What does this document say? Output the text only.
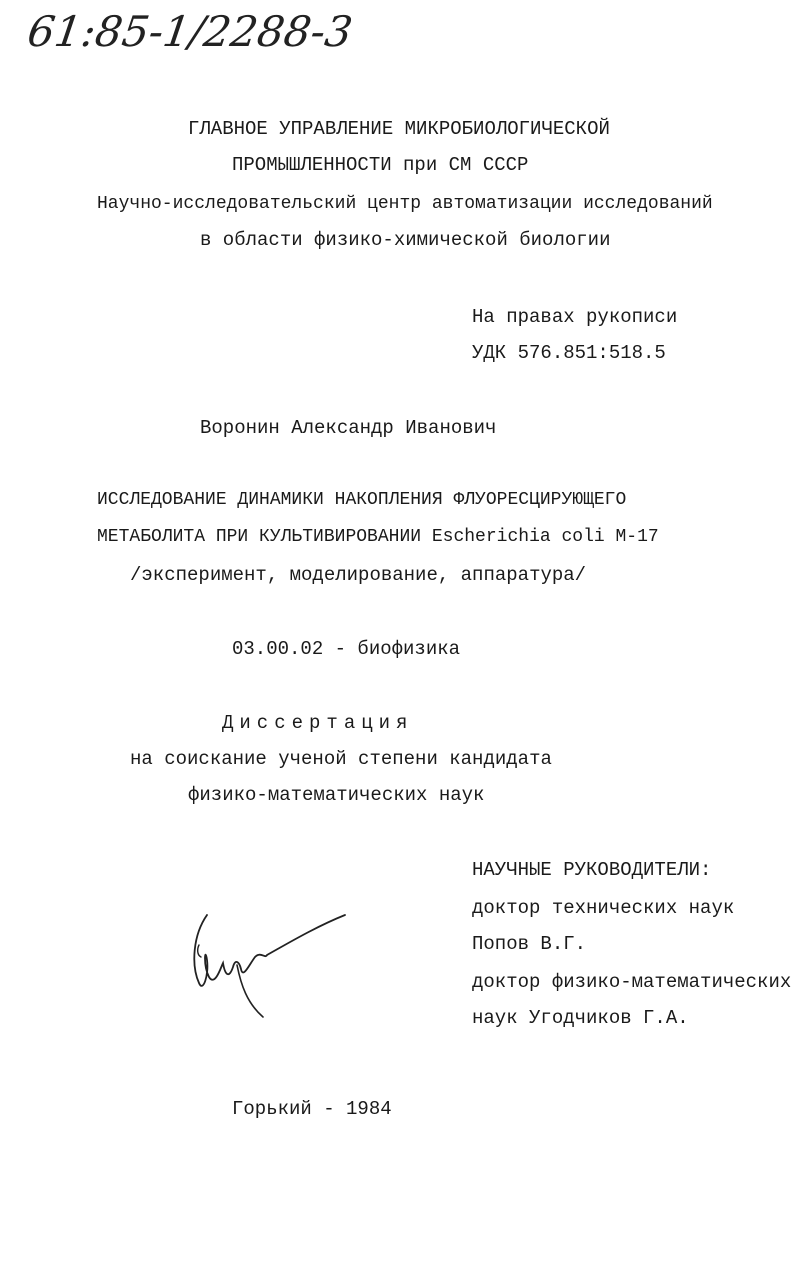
61:85-1/2288-3
ГЛАВНОЕ УПРАВЛЕНИЕ МИКРОБИОЛОГИЧЕСКОЙ
ПРОМЫШЛЕННОСТИ при СМ СССР
Научно-исследовательский центр автоматизации исследований
в области физико-химической биологии
На правах рукописи
УДК 576.851:518.5
Воронин Александр Иванович
ИССЛЕДОВАНИЕ ДИНАМИКИ НАКОПЛЕНИЯ ФЛУОРЕСЦИРУЮЩЕГО
МЕТАБОЛИТА ПРИ КУЛЬТИВИРОВАНИИ Escherichia coli М-17
/эксперимент, моделирование, аппаратура/
03.00.02 - биофизика
Диссертация
на соискание ученой степени кандидата
физико-математических наук
НАУЧНЫЕ РУКОВОДИТЕЛИ:
доктор технических наук
Попов В.Г.
доктор физико-математических
наук Угодчиков Г.А.
Горький - 1984
